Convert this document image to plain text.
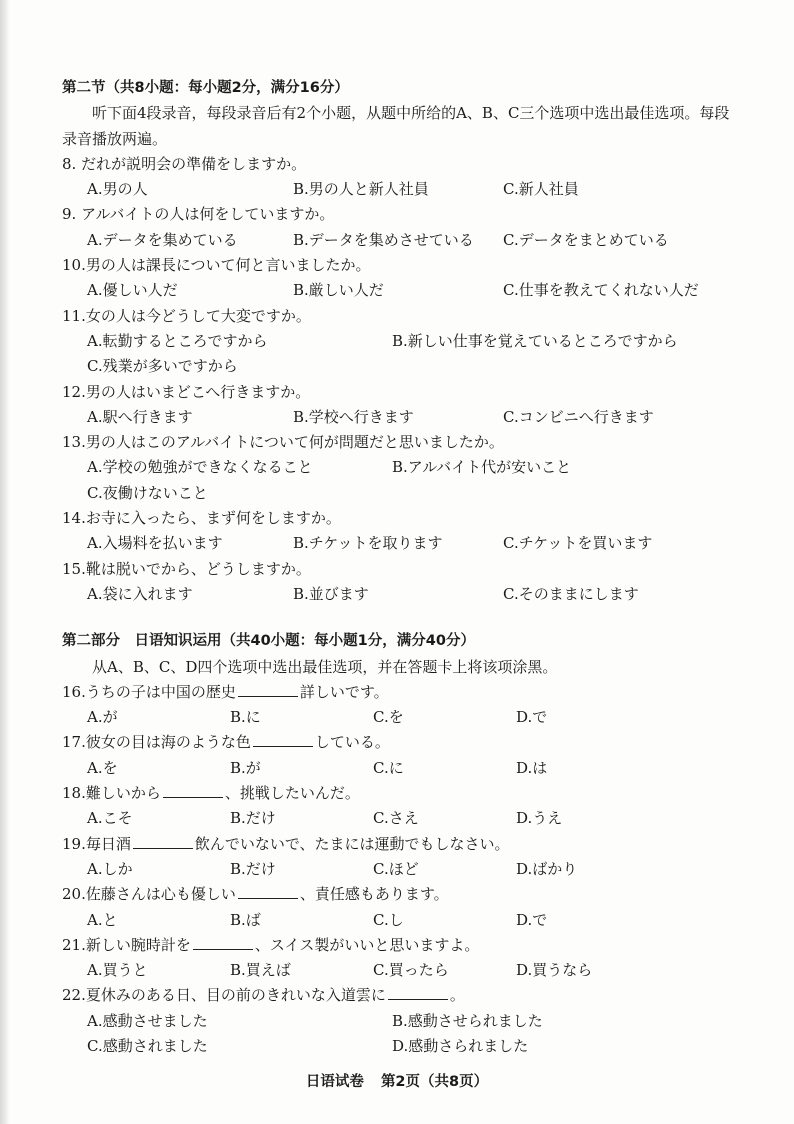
第二节（共8小题：每小题2分，满分16分）
听下面4段录音，每段录音后有2个小题，从题中所给的A、B、C三个选项中选出最佳选项。每段录音播放两遍。
8. だれが説明会の準備をしますか。
A.男の人	B.男の人と新人社員	C.新人社員
9. アルバイトの人は何をしていますか。
A.データを集めている	B.データを集めさせている	C.データをまとめている
10.男の人は課長について何と言いましたか。
A.優しい人だ	B.厳しい人だ	C.仕事を教えてくれない人だ
11.女の人は今どうして大変ですか。
A.転勤するところですから	B.新しい仕事を覚えているところですから
C.残業が多いですから
12.男の人はいまどこへ行きますか。
A.駅へ行きます	B.学校へ行きます	C.コンビニへ行きます
13.男の人はこのアルバイトについて何が問題だと思いましたか。
A.学校の勉強ができなくなること	B.アルバイト代が安いこと
C.夜働けないこと
14.お寺に入ったら、まず何をしますか。
A.入場料を払います	B.チケットを取ります	C.チケットを買います
15.靴は脱いでから、どうしますか。
A.袋に入れます	B.並びます	C.そのままにします
第二部分　日语知识运用（共40小题：每小题1分，满分40分）
从A、B、C、D四个选项中选出最佳选项，并在答题卡上将该项涂黑。
16.うちの子は中国の歴史	詳しいです。
A.が	B.に	C.を	D.で
17.彼女の目は海のような色	している。
A.を	B.が	C.に	D.は
18.難しいから	、挑戦したいんだ。
A.こそ	B.だけ	C.さえ	D.うえ
19.毎日酒	飲んでいないで、たまには運動でもしなさい。
A.しか	B.だけ	C.ほど	D.ばかり
20.佐藤さんは心も優しい	、責任感もあります。
A.と	B.ば	C.し	D.で
21.新しい腕時計を	、スイス製がいいと思いますよ。
A.買うと	B.買えば	C.買ったら	D.買うなら
22.夏休みのある日、目の前のきれいな入道雲に	。
A.感動させました	B.感動させられました
C.感動されました	D.感動さられました
日语试卷 第2页（共8页）
